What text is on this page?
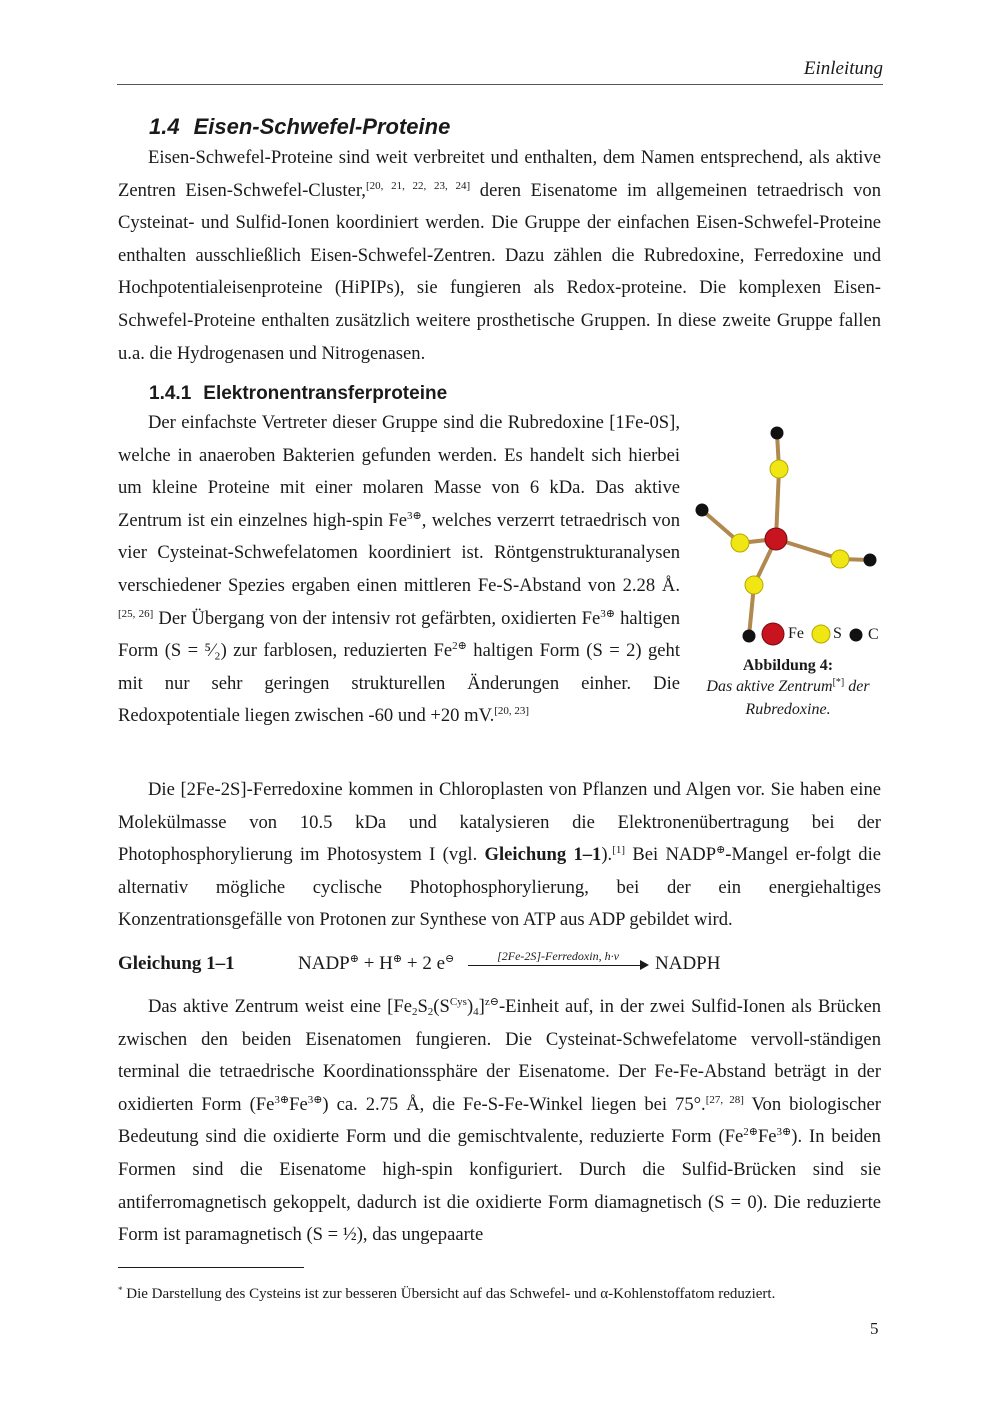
Einleitung
1.4 Eisen-Schwefel-Proteine

Eisen-Schwefel-Proteine sind weit verbreitet und enthalten, dem Namen entsprechend, als aktive Zentren Eisen-Schwefel-Cluster,[20, 21, 22, 23, 24] deren Eisenatome im allgemeinen tetraedrisch von Cysteinat- und Sulfid-Ionen koordiniert werden. Die Gruppe der einfachen Eisen-Schwefel-Proteine enthalten ausschließlich Eisen-Schwefel-Zentren. Dazu zählen die Rubredoxine, Ferredoxine und Hochpotentialeisenproteine (HiPIPs), sie fungieren als Redox-proteine. Die komplexen Eisen-Schwefel-Proteine enthalten zusätzlich weitere prosthetische Gruppen. In diese zweite Gruppe fallen u.a. die Hydrogenasen und Nitrogenasen.

1.4.1 Elektronentransferproteine

Der einfachste Vertreter dieser Gruppe sind die Rubredoxine [1Fe-0S], welche in anaeroben Bakterien gefunden werden. Es handelt sich hierbei um kleine Proteine mit einer molaren Masse von 6 kDa. Das aktive Zentrum ist ein einzelnes high-spin $Fe^{3\oplus}$, welches verzerrt tetraedrisch von vier Cysteinat-Schwefelatomen koordiniert ist. Röntgenstrukturanalysen verschiedener Spezies ergaben einen mittleren Fe-S-Abstand von 2.28 Å.[25, 26] Der Übergang von der intensiv rot gefärbten, oxidierten $Fe^{3\oplus}$ haltigen Form (S = ⁵⁄₂) zur farblosen, reduzierten $Fe^{2\oplus}$ haltigen Form (S = 2) geht mit nur sehr geringen strukturellen Änderungen einher. Die Redoxpotentiale liegen zwischen -60 und +20 mV.[20, 23]

Fe S C
Abbildung 4:
Das aktive Zentrum[*] der
Rubredoxine.

Die [2Fe-2S]-Ferredoxine kommen in Chloroplasten von Pflanzen und Algen vor. Sie haben eine Molekülmasse von 10.5 kDa und katalysieren die Elektronenübertragung bei der Photophosphorylierung im Photosystem I (vgl. Gleichung 1–1).[1] Bei NADP⊕-Mangel er-folgt die alternativ mögliche cyclische Photophosphorylierung, bei der ein energiehaltiges Konzentrationsgefälle von Protonen zur Synthese von ATP aus ADP gebildet wird.

Gleichung 1–1	NADP⊕ + H⊕ + 2 e⊖	[2Fe-2S]-Ferredoxin, h·ν	NADPH

Das aktive Zentrum weist eine $[Fe_2S_2(S^{Cys})_4]^{z⊖}$-Einheit auf, in der zwei Sulfid-Ionen als Brücken zwischen den beiden Eisenatomen fungieren. Die Cysteinat-Schwefelatome vervoll-ständigen terminal die tetraedrische Koordinationssphäre der Eisenatome. Der Fe-Fe-Abstand beträgt in der oxidierten Form $(Fe^{3\oplus}Fe^{3\oplus})$ ca. 2.75 Å, die Fe-S-Fe-Winkel liegen bei 75°.[27, 28] Von biologischer Bedeutung sind die oxidierte Form und die gemischtvalente, reduzierte Form $(Fe^{2\oplus}Fe^{3\oplus})$. In beiden Formen sind die Eisenatome high-spin konfiguriert. Durch die Sulfid-Brücken sind sie antiferromagnetisch gekoppelt, dadurch ist die oxidierte Form diamagnetisch (S = 0). Die reduzierte Form ist paramagnetisch (S = ½), das ungepaarte

* Die Darstellung des Cysteins ist zur besseren Übersicht auf das Schwefel- und α-Kohlenstoffatom reduziert.
5
